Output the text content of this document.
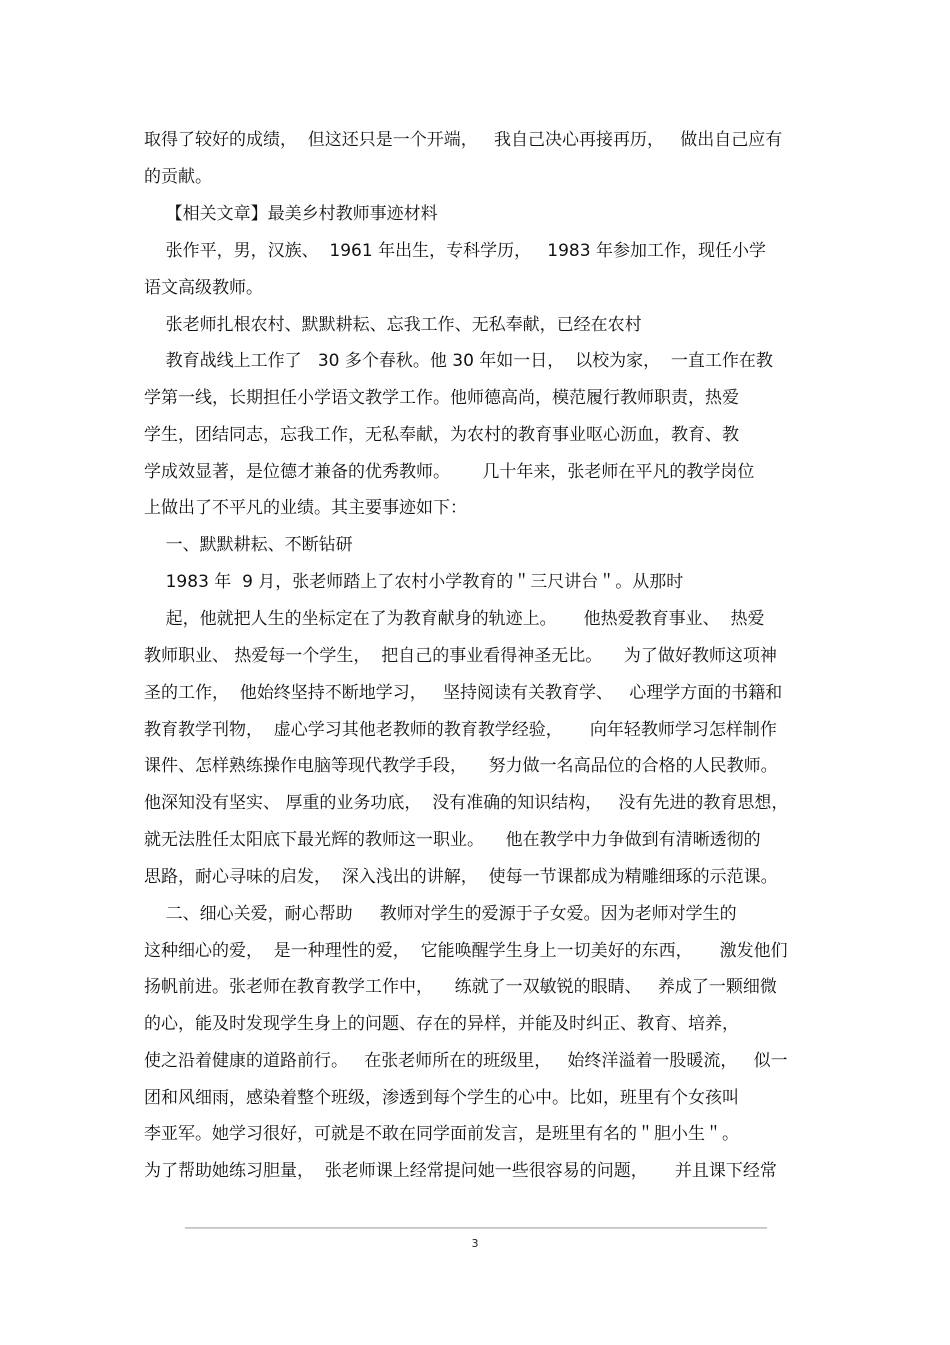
取得了较好的成绩，  但这还只是一个开端，   我自己决心再接再历，   做出自己应有
的贡献。
【相关文章】最美乡村教师事迹材料
张作平，男，汉族、  1961 年出生，专科学历，   1983 年参加工作，现任小学
语文高级教师。
张老师扎根农村、默默耕耘、忘我工作、无私奉献，已经在农村
教育战线上工作了   30 多个春秋。他 30 年如一日，  以校为家，  一直工作在教
学第一线，长期担任小学语文教学工作。他师德高尚，模范履行教师职责，热爱
学生，团结同志，忘我工作，无私奉献，为农村的教育事业呕心沥血，教育、教
学成效显著，是位德才兼备的优秀教师。      几十年来，张老师在平凡的教学岗位
上做出了不平凡的业绩。其主要事迹如下：
一、默默耕耘、不断钻研
1983 年  9 月，张老师踏上了农村小学教育的＂三尺讲台＂。从那时
起，他就把人生的坐标定在了为教育献身的轨迹上。     他热爱教育事业、  热爱
教师职业、 热爱每一个学生，  把自己的事业看得神圣无比。    为了做好教师这项神
圣的工作，  他始终坚持不断地学习，   坚持阅读有关教育学、   心理学方面的书籍和
教育教学刊物，  虚心学习其他老教师的教育教学经验，     向年轻教师学习怎样制作
课件、怎样熟练操作电脑等现代教学手段，    努力做一名高品位的合格的人民教师。
他深知没有坚实、 厚重的业务功底，  没有准确的知识结构，   没有先进的教育思想，
就无法胜任太阳底下最光辉的教师这一职业。    他在教学中力争做到有清晰透彻的
思路，耐心寻味的启发，  深入浅出的讲解，  使每一节课都成为精雕细琢的示范课。
二、细心关爱，耐心帮助     教师对学生的爱源于子女爱。因为老师对学生的
这种细心的爱，  是一种理性的爱，  它能唤醒学生身上一切美好的东西，     激发他们
扬帆前进。张老师在教育教学工作中，    练就了一双敏锐的眼睛、   养成了一颗细微
的心，能及时发现学生身上的问题、存在的异样，并能及时纠正、教育、培养，
使之沿着健康的道路前行。   在张老师所在的班级里，   始终洋溢着一股暖流，   似一
团和风细雨，感染着整个班级，渗透到每个学生的心中。比如，班里有个女孩叫
李亚军。她学习很好，可就是不敢在同学面前发言，是班里有名的＂胆小生＂。
为了帮助她练习胆量，  张老师课上经常提问她一些很容易的问题，     并且课下经常
3
